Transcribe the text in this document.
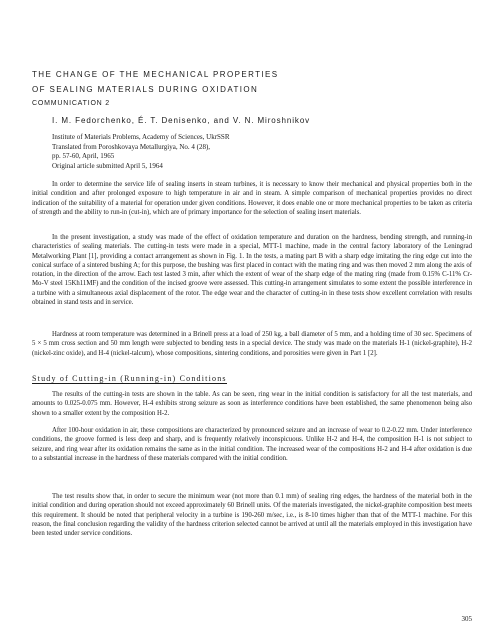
THE CHANGE OF THE MECHANICAL PROPERTIES
OF SEALING MATERIALS DURING OXIDATION
COMMUNICATION 2
I. M. Fedorchenko, É. T. Denisenko, and V. N. Miroshnikov
Institute of Materials Problems, Academy of Sciences, UkrSSR
Translated from Poroshkovaya Metallurgiya, No. 4 (28),
pp. 57-60, April, 1965
Original article submitted April 5, 1964

In order to determine the service life of sealing inserts in steam turbines, it is necessary to know their mechanical and physical properties both in the initial condition and after prolonged exposure to high temperature in air and in steam. A simple comparison of mechanical properties provides no direct indication of the suitability of a material for operation under given conditions. However, it does enable one or more mechanical properties to be taken as criteria of strength and the ability to run-in (cut-in), which are of primary importance for the selection of sealing insert materials.

In the present investigation, a study was made of the effect of oxidation temperature and duration on the hardness, bending strength, and running-in characteristics of sealing materials. The cutting-in tests were made in a special, MTT-1 machine, made in the central factory laboratory of the Leningrad Metalworking Plant [1], providing a contact arrangement as shown in Fig. 1. In the tests, a mating part B with a sharp edge imitating the ring edge cut into the conical surface of a sintered bushing A; for this purpose, the bushing was first placed in contact with the mating ring and was then moved 2 mm along the axis of rotation, in the direction of the arrow. Each test lasted 3 min, after which the extent of wear of the sharp edge of the mating ring (made from 0.15% C-11% Cr-Mo-V steel 15Kh11MF) and the condition of the incised groove were assessed. This cutting-in arrangement simulates to some extent the possible interference in a turbine with a simultaneous axial displacement of the rotor. The edge wear and the character of cutting-in in these tests show excellent correlation with results obtained in stand tests and in service.

Hardness at room temperature was determined in a Brinell press at a load of 250 kg, a ball diameter of 5 mm, and a holding time of 30 sec. Specimens of 5 × 5 mm cross section and 50 mm length were subjected to bending tests in a special device. The study was made on the materials H-1 (nickel-graphite), H-2 (nickel-zinc oxide), and H-4 (nickel-talcum), whose compositions, sintering conditions, and porosities were given in Part 1 [2].

Study of Cutting-in (Running-in) Conditions

The results of the cutting-in tests are shown in the table. As can be seen, ring wear in the initial condition is satisfactory for all the test materials, and amounts to 0.025-0.075 mm. However, H-4 exhibits strong seizure as soon as interference conditions have been established, the same phenomenon being also shown to a smaller extent by the composition H-2.

After 100-hour oxidation in air, these compositions are characterized by pronounced seizure and an increase of wear to 0.2-0.22 mm. Under interference conditions, the groove formed is less deep and sharp, and is frequently relatively inconspicuous. Unlike H-2 and H-4, the composition H-1 is not subject to seizure, and ring wear after its oxidation remains the same as in the initial condition. The increased wear of the compositions H-2 and H-4 after oxidation is due to a substantial increase in the hardness of these materials compared with the initial condition.

The test results show that, in order to secure the minimum wear (not more than 0.1 mm) of sealing ring edges, the hardness of the material both in the initial condition and during operation should not exceed approximately 60 Brinell units. Of the materials investigated, the nickel-graphite composition best meets this requirement. It should be noted that peripheral velocity in a turbine is 190-260 m/sec, i.e., is 8-10 times higher than that of the MTT-1 machine. For this reason, the final conclusion regarding the validity of the hardness criterion selected cannot be arrived at until all the materials employed in this investigation have been tested under service conditions.

305
